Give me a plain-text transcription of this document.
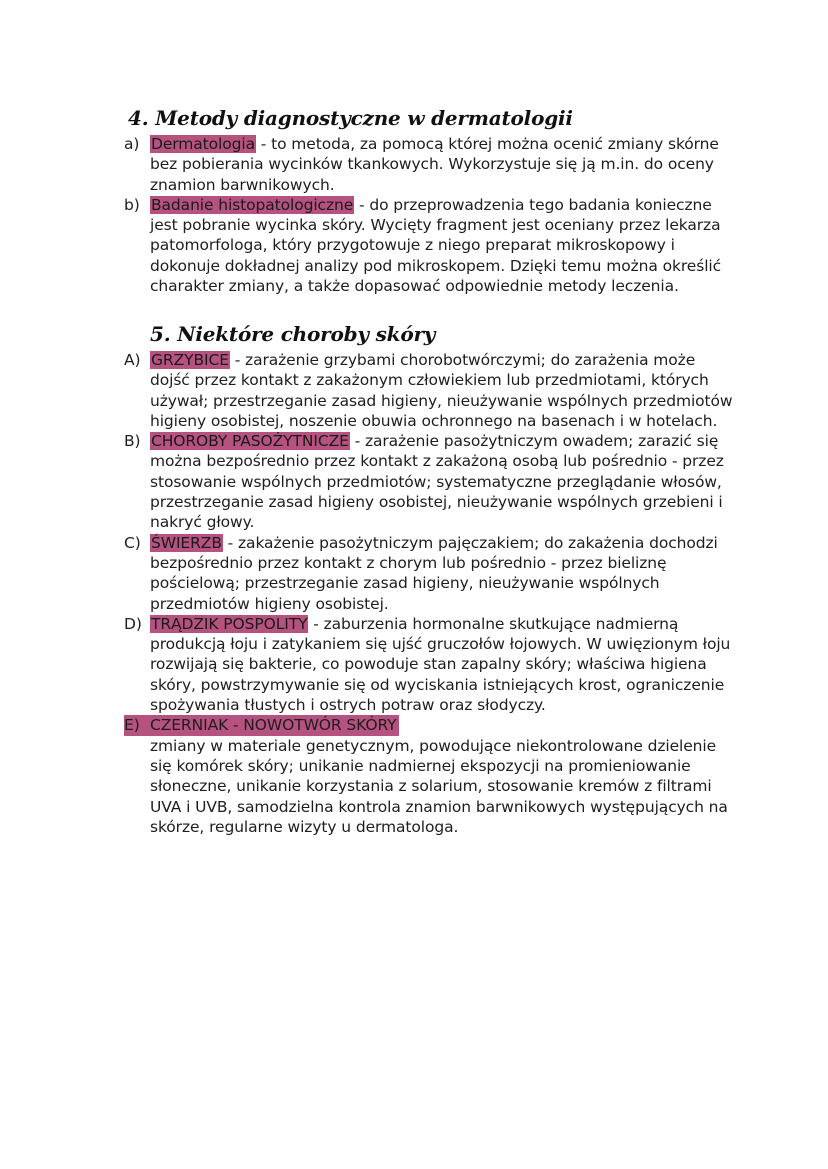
4. Metody diagnostyczne w dermatologii
a) Dermatologia - to metoda, za pomocą której można ocenić zmiany skórne bez pobierania wycinków tkankowych. Wykorzystuje się ją m.in. do oceny znamion barwnikowych.
b) Badanie histopatologiczne - do przeprowadzenia tego badania konieczne jest pobranie wycinka skóry. Wycięty fragment jest oceniany przez lekarza patomorfologa, który przygotowuje z niego preparat mikroskopowy i dokonuje dokładnej analizy pod mikroskopem. Dzięki temu można określić charakter zmiany, a także dopasować odpowiednie metody leczenia.
5. Niektóre choroby skóry
A) GRZYBICE - zarażenie grzybami chorobotwórczymi; do zarażenia może dojść przez kontakt z zakażonym człowiekiem lub przedmiotami, których używał; przestrzeganie zasad higieny, nieużywanie wspólnych przedmiotów higieny osobistej, noszenie obuwia ochronnego na basenach i w hotelach.
B) CHOROBY PASOŻYTNICZE - zarażenie pasożytniczym owadem; zarazić się można bezpośrednio przez kontakt z zakażoną osobą lub pośrednio - przez stosowanie wspólnych przedmiotów; systematyczne przeglądanie włosów, przestrzeganie zasad higieny osobistej, nieużywanie wspólnych grzebieni i nakryć głowy.
C) ŚWIERZB - zakażenie pasożytniczym pajęczakiem; do zakażenia dochodzi bezpośrednio przez kontakt z chorym lub pośrednio - przez bieliznę pościelową; przestrzeganie zasad higieny, nieużywanie wspólnych przedmiotów higieny osobistej.
D) TRĄDZIK POSPOLITY - zaburzenia hormonalne skutkujące nadmierną produkcją łoju i zatykaniem się ujść gruczołów łojowych. W uwięzionym łoju rozwijają się bakterie, co powoduje stan zapalny skóry; właściwa higiena skóry, powstrzymywanie się od wyciskania istniejących krost, ograniczenie spożywania tłustych i ostrych potraw oraz słodyczy.
E) CZERNIAK - NOWOTWÓR SKÓRY
zmiany w materiale genetycznym, powodujące niekontrolowane dzielenie się komórek skóry; unikanie nadmiernej ekspozycji na promieniowanie słoneczne, unikanie korzystania z solarium, stosowanie kremów z filtrami UVA i UVB, samodzielna kontrola znamion barwnikowych występujących na skórze, regularne wizyty u dermatologa.
